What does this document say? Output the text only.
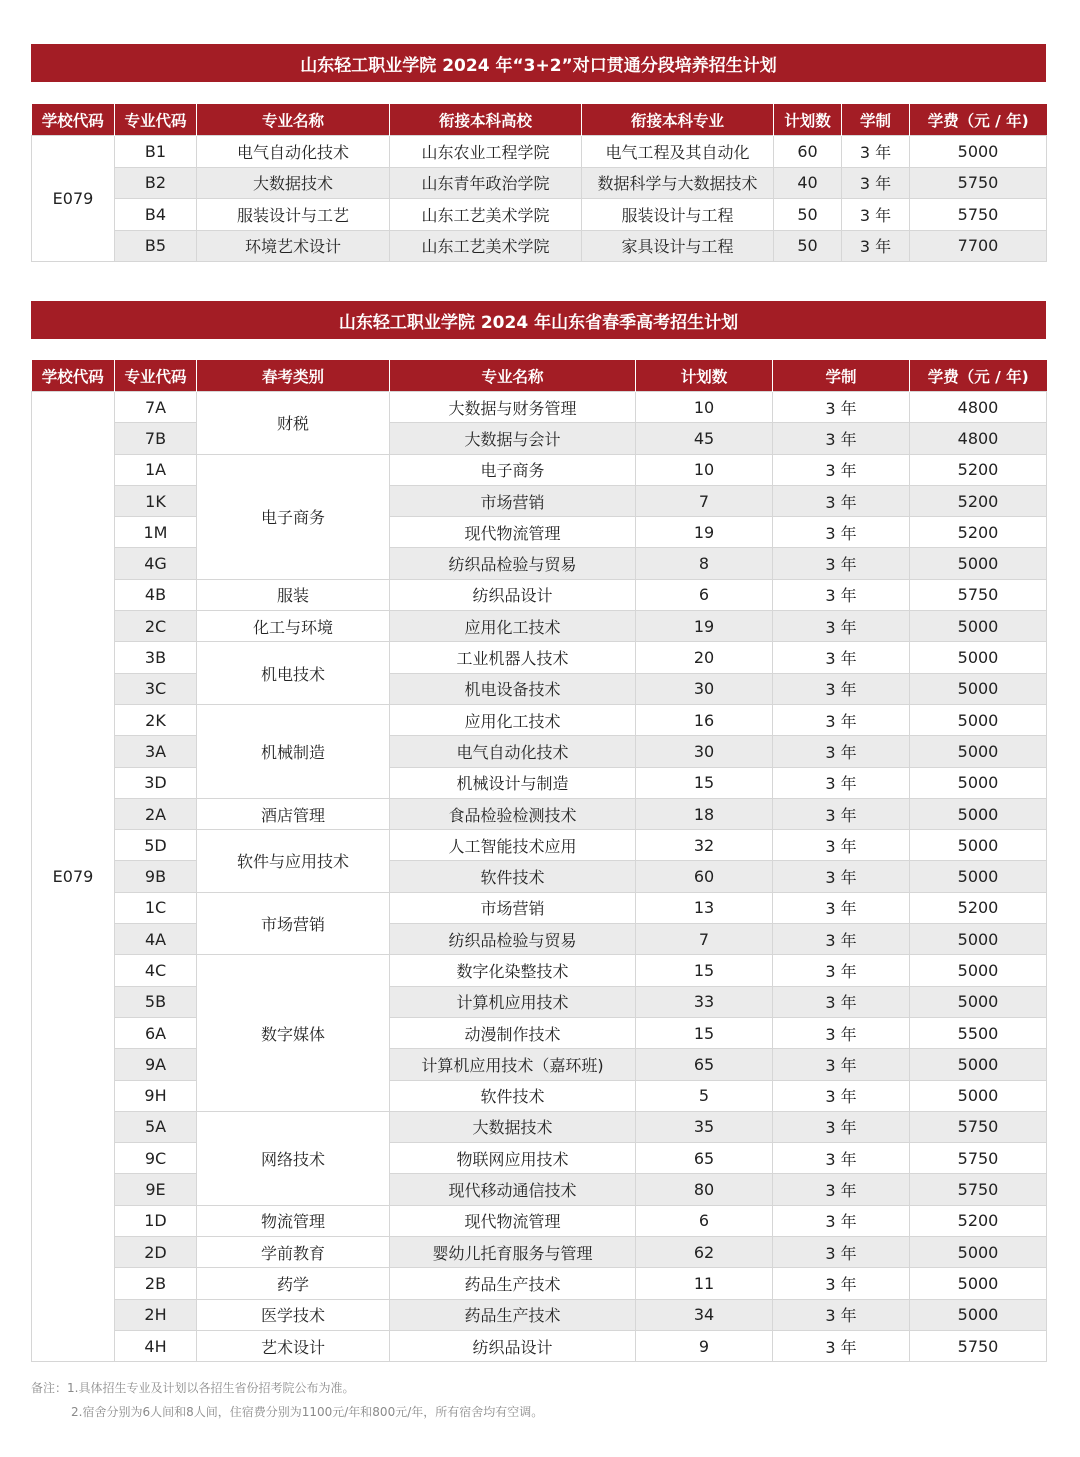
山东轻工职业学院 2024 年“3+2”对口贯通分段培养招生计划
学校代码	专业代码	专业名称	衔接本科高校	衔接本科专业	计划数	学制	学费（元 / 年)
E079	B1	电气自动化技术	山东农业工程学院	电气工程及其自动化	60	3 年	5000
	B2	大数据技术	山东青年政治学院	数据科学与大数据技术	40	3 年	5750
	B4	服装设计与工艺	山东工艺美术学院	服装设计与工程	50	3 年	5750
	B5	环境艺术设计	山东工艺美术学院	家具设计与工程	50	3 年	7700
山东轻工职业学院 2024 年山东省春季高考招生计划
学校代码	专业代码	春考类别	专业名称	计划数	学制	学费（元 / 年)
E079	7A	财税	大数据与财务管理	10	3 年	4800
	7B		大数据与会计	45	3 年	4800
	1A	电子商务	电子商务	10	3 年	5200
	1K		市场营销	7	3 年	5200
	1M		现代物流管理	19	3 年	5200
	4G		纺织品检验与贸易	8	3 年	5000
	4B	服装	纺织品设计	6	3 年	5750
	2C	化工与环境	应用化工技术	19	3 年	5000
	3B	机电技术	工业机器人技术	20	3 年	5000
	3C		机电设备技术	30	3 年	5000
	2K	机械制造	应用化工技术	16	3 年	5000
	3A		电气自动化技术	30	3 年	5000
	3D		机械设计与制造	15	3 年	5000
	2A	酒店管理	食品检验检测技术	18	3 年	5000
	5D	软件与应用技术	人工智能技术应用	32	3 年	5000
	9B		软件技术	60	3 年	5000
	1C	市场营销	市场营销	13	3 年	5200
	4A		纺织品检验与贸易	7	3 年	5000
	4C	数字媒体	数字化染整技术	15	3 年	5000
	5B		计算机应用技术	33	3 年	5000
	6A		动漫制作技术	15	3 年	5500
	9A		计算机应用技术（嘉环班)	65	3 年	5000
	9H		软件技术	5	3 年	5000
	5A	网络技术	大数据技术	35	3 年	5750
	9C		物联网应用技术	65	3 年	5750
	9E		现代移动通信技术	80	3 年	5750
	1D	物流管理	现代物流管理	6	3 年	5200
	2D	学前教育	婴幼儿托育服务与管理	62	3 年	5000
	2B	药学	药品生产技术	11	3 年	5000
	2H	医学技术	药品生产技术	34	3 年	5000
	4H	艺术设计	纺织品设计	9	3 年	5750
备注：1.具体招生专业及计划以各招生省份招考院公布为准。
2.宿舍分别为6人间和8人间，住宿费分别为1100元/年和800元/年，所有宿舍均有空调。
